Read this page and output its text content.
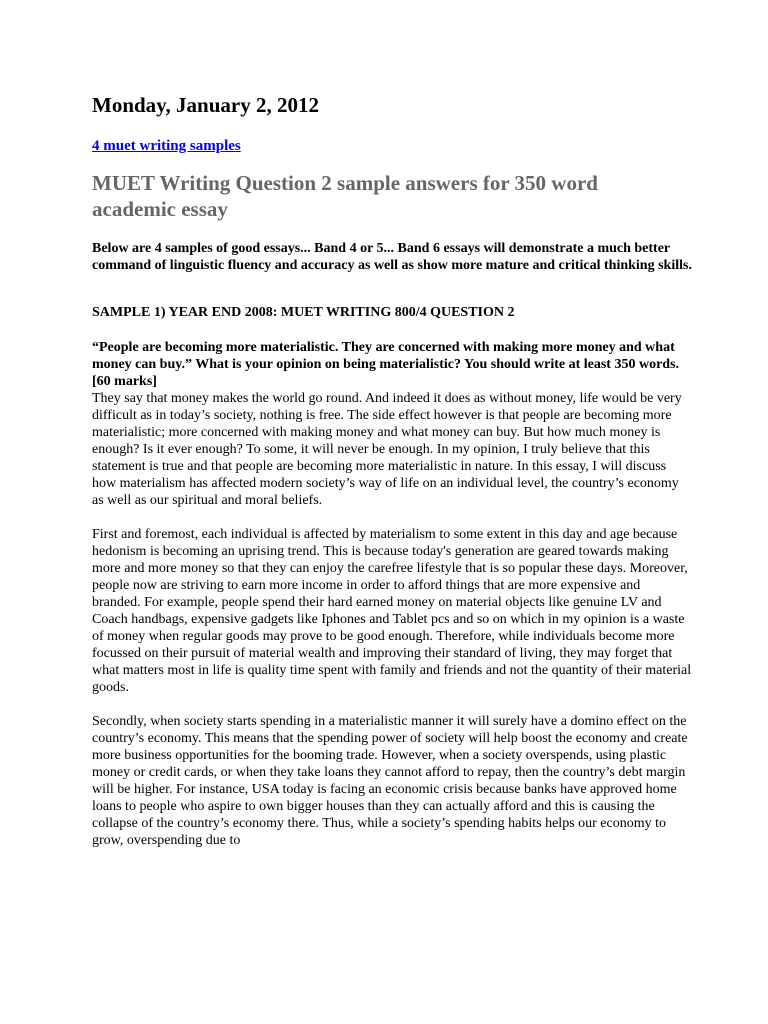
Monday, January 2, 2012
4 muet writing samples
MUET Writing Question 2 sample answers for 350 word academic essay
Below are 4 samples of good essays... Band 4 or 5... Band 6 essays will demonstrate a much better command of linguistic fluency and accuracy as well as show more mature and critical thinking skills.
SAMPLE 1) YEAR END 2008: MUET WRITING 800/4 QUESTION 2
“People are becoming more materialistic. They are concerned with making more money and what money can buy.” What is your opinion on being materialistic? You should write at least 350 words. [60 marks]

They say that money makes the world go round. And indeed it does as without money, life would be very difficult as in today’s society, nothing is free. The side effect however is that people are becoming more materialistic; more concerned with making money and what money can buy. But how much money is enough? Is it ever enough? To some, it will never be enough. In my opinion, I truly believe that this statement is true and that people are becoming more materialistic in nature. In this essay, I will discuss how materialism has affected modern society’s way of life on an individual level, the country’s economy as well as our spiritual and moral beliefs.

First and foremost, each individual is affected by materialism to some extent in this day and age because hedonism is becoming an uprising trend. This is because today's generation are geared towards making more and more money so that they can enjoy the carefree lifestyle that is so popular these days. Moreover, people now are striving to earn more income in order to afford things that are more expensive and branded. For example, people spend their hard earned money on material objects like genuine LV and Coach handbags, expensive gadgets like Iphones and Tablet pcs and so on which in my opinion is a waste of money when regular goods may prove to be good enough. Therefore, while individuals become more focussed on their pursuit of material wealth and improving their standard of living, they may forget that what matters most in life is quality time spent with family and friends and not the quantity of their material goods.

Secondly, when society starts spending in a materialistic manner it will surely have a domino effect on the country’s economy. This means that the spending power of society will help boost the economy and create more business opportunities for the booming trade. However, when a society overspends, using plastic money or credit cards, or when they take loans they cannot afford to repay, then the country’s debt margin will be higher. For instance, USA today is facing an economic crisis because banks have approved home loans to people who aspire to own bigger houses than they can actually afford and this is causing the collapse of the country’s economy there. Thus, while a society’s spending habits helps our economy to grow, overspending due to
